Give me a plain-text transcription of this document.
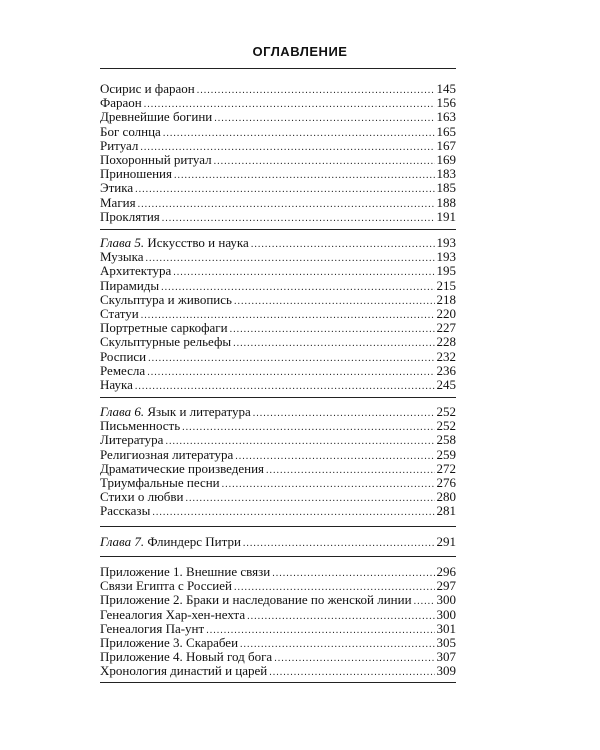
ОГЛАВЛЕНИЕ
Осирис и фараон .....	145
Фараон .....	156
Древнейшие богини .....	163
Бог солнца .....	165
Ритуал .....	167
Похоронный ритуал .....	169
Приношения .....	183
Этика .....	185
Магия .....	188
Проклятия .....	191
Глава 5. Искусство и наука .....	193
Музыка .....	193
Архитектура .....	195
Пирамиды .....	215
Скульптура и живопись .....	218
Статуи .....	220
Портретные саркофаги .....	227
Скульптурные рельефы .....	228
Росписи .....	232
Ремесла .....	236
Наука .....	245
Глава 6. Язык и литература .....	252
Письменность .....	252
Литература .....	258
Религиозная литература .....	259
Драматические произведения .....	272
Триумфальные песни .....	276
Стихи о любви .....	280
Рассказы .....	281
Глава 7. Флиндерс Питри .....	291
Приложение 1. Внешние связи .....	296
Связи Египта с Россией .....	297
Приложение 2. Браки и наследование по женской линии ..... 300
Генеалогия Хар-хен-нехта .....	300
Генеалогия Па-унт .....	301
Приложение 3. Скарабеи .....	305
Приложение 4. Новый год бога .....	307
Хронология династий и царей .....	309
